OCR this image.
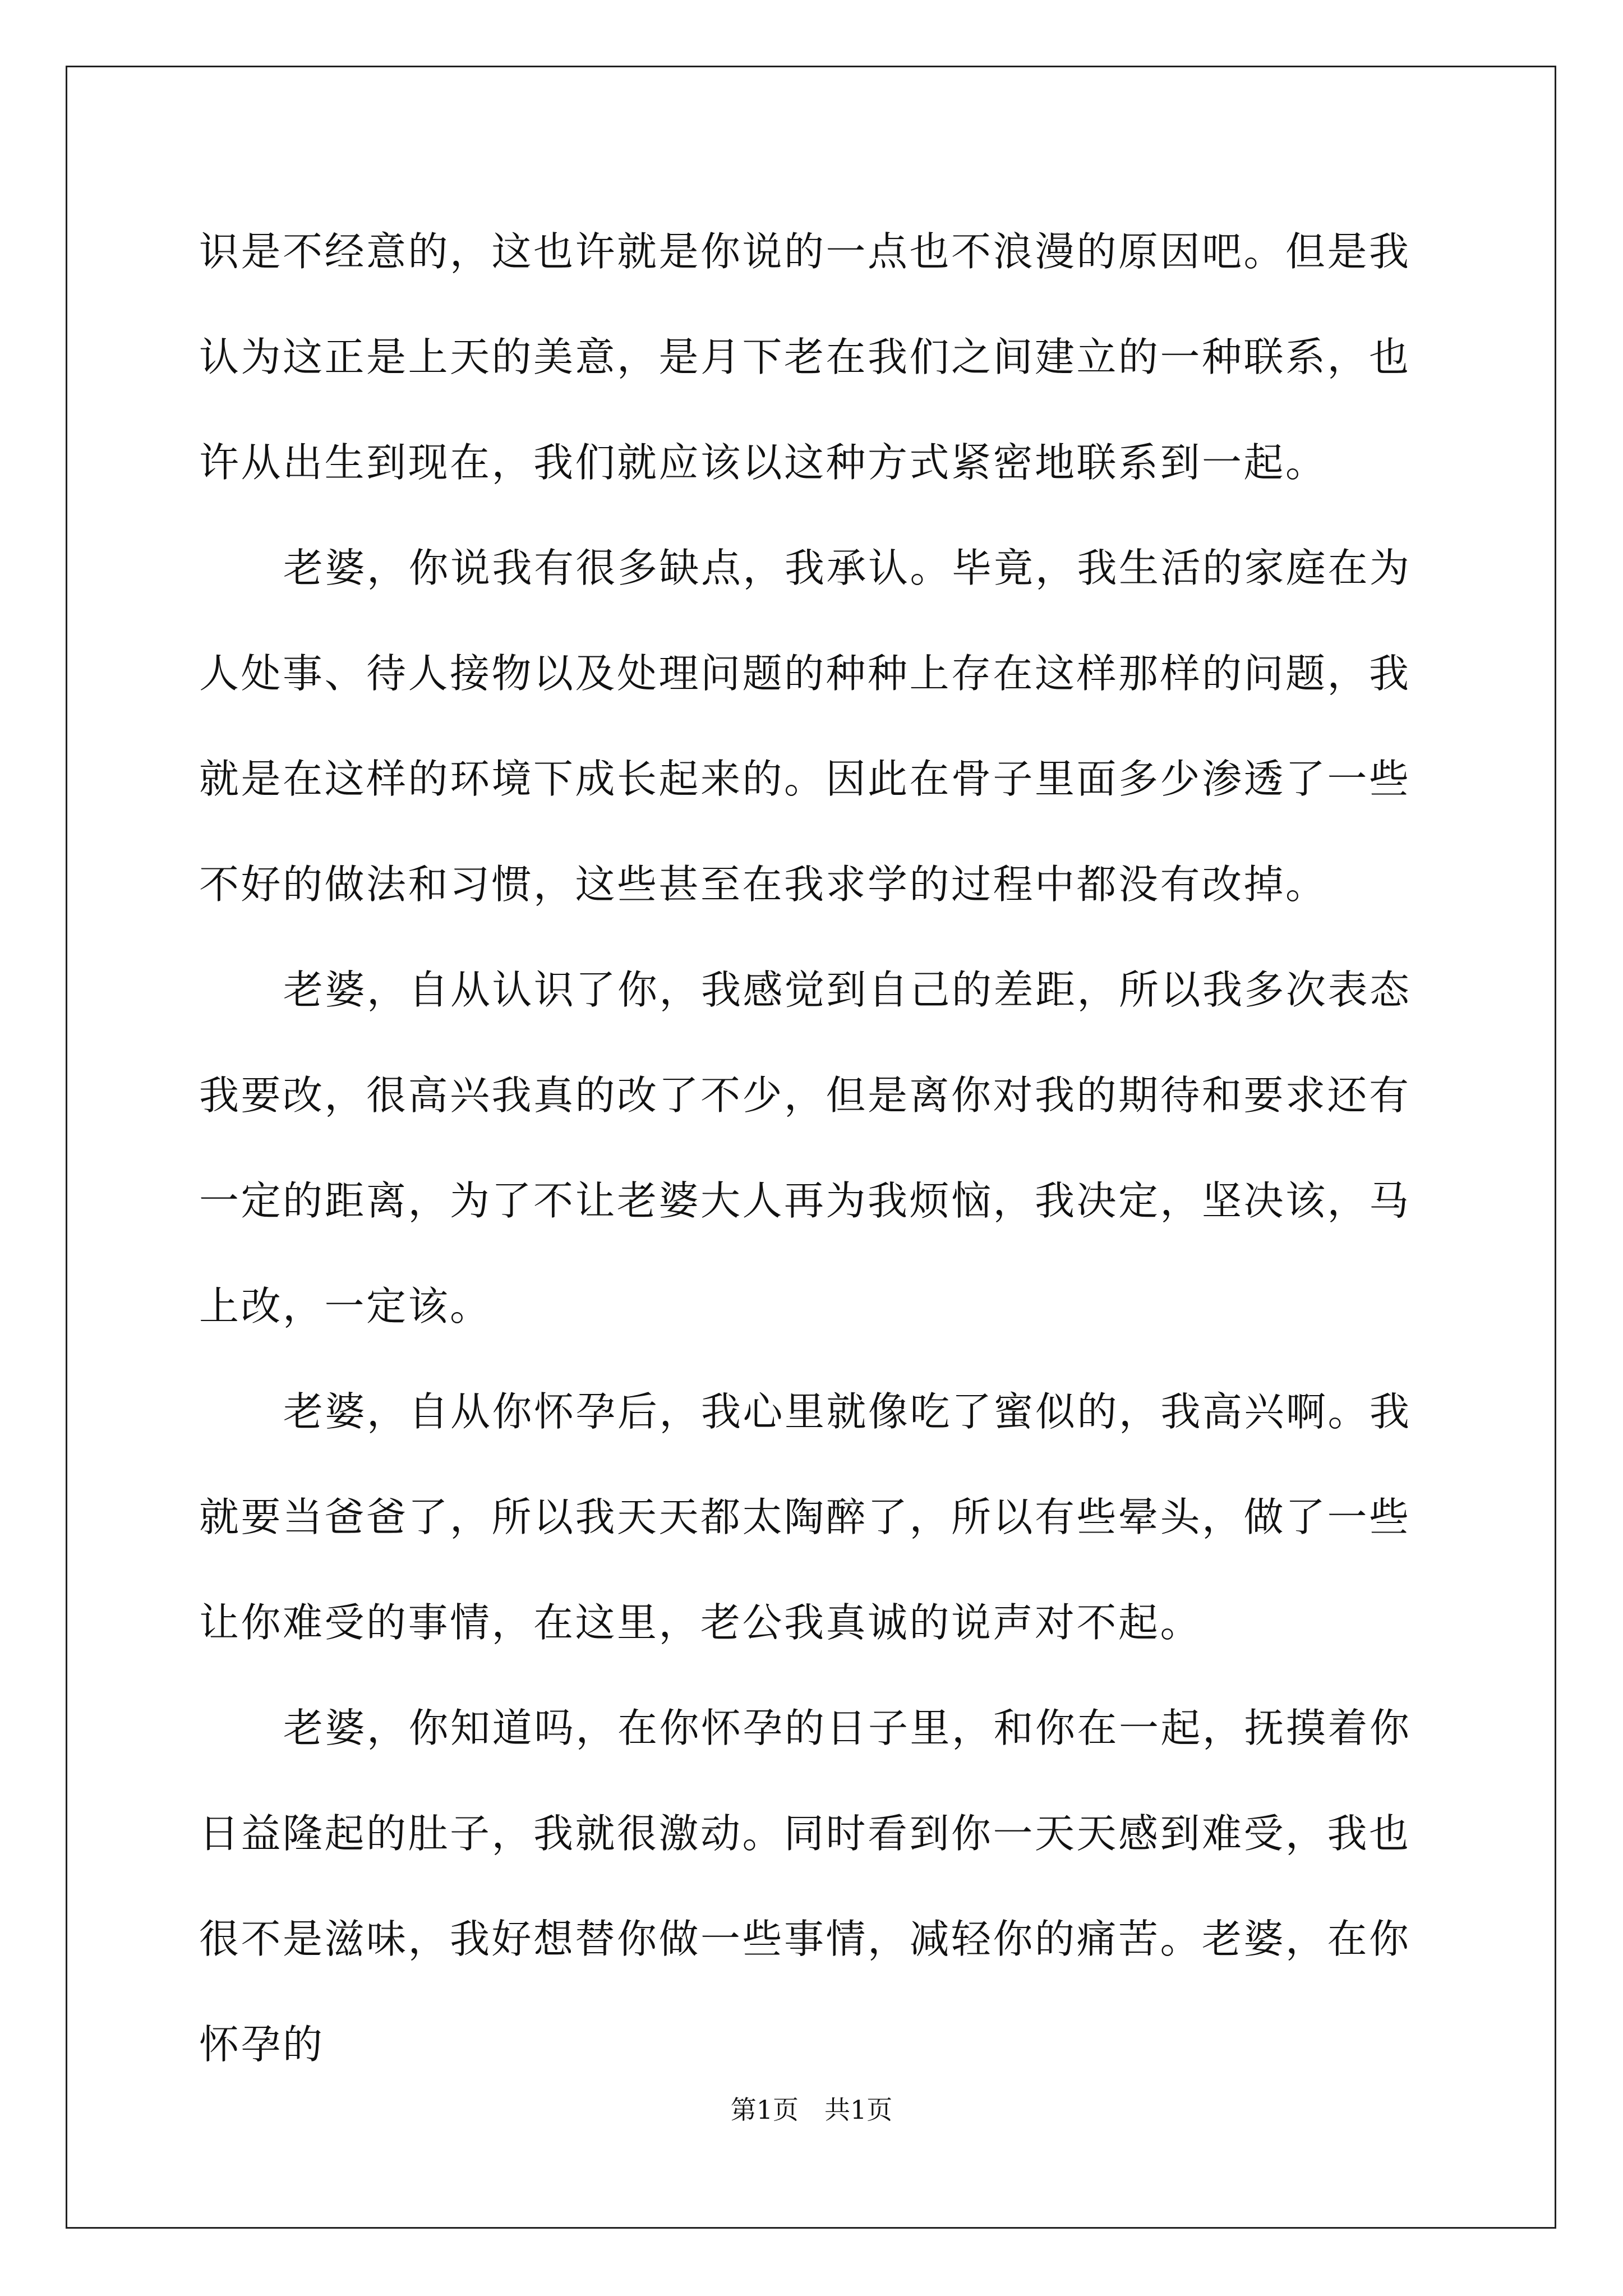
识是不经意的，这也许就是你说的一点也不浪漫的原因吧。但是我认为这正是上天的美意，是月下老在我们之间建立的一种联系，也许从出生到现在，我们就应该以这种方式紧密地联系到一起。

老婆，你说我有很多缺点，我承认。毕竟，我生活的家庭在为人处事、待人接物以及处理问题的种种上存在这样那样的问题，我就是在这样的环境下成长起来的。因此在骨子里面多少渗透了一些不好的做法和习惯，这些甚至在我求学的过程中都没有改掉。

老婆，自从认识了你，我感觉到自己的差距，所以我多次表态我要改，很高兴我真的改了不少，但是离你对我的期待和要求还有一定的距离，为了不让老婆大人再为我烦恼，我决定，坚决该，马上改，一定该。

老婆，自从你怀孕后，我心里就像吃了蜜似的，我高兴啊。我就要当爸爸了，所以我天天都太陶醉了，所以有些晕头，做了一些让你难受的事情，在这里，老公我真诚的说声对不起。

老婆，你知道吗，在你怀孕的日子里，和你在一起，抚摸着你日益隆起的肚子，我就很激动。同时看到你一天天感到难受，我也很不是滋味，我好想替你做一些事情，减轻你的痛苦。老婆，在你怀孕的

第1页 共1页
